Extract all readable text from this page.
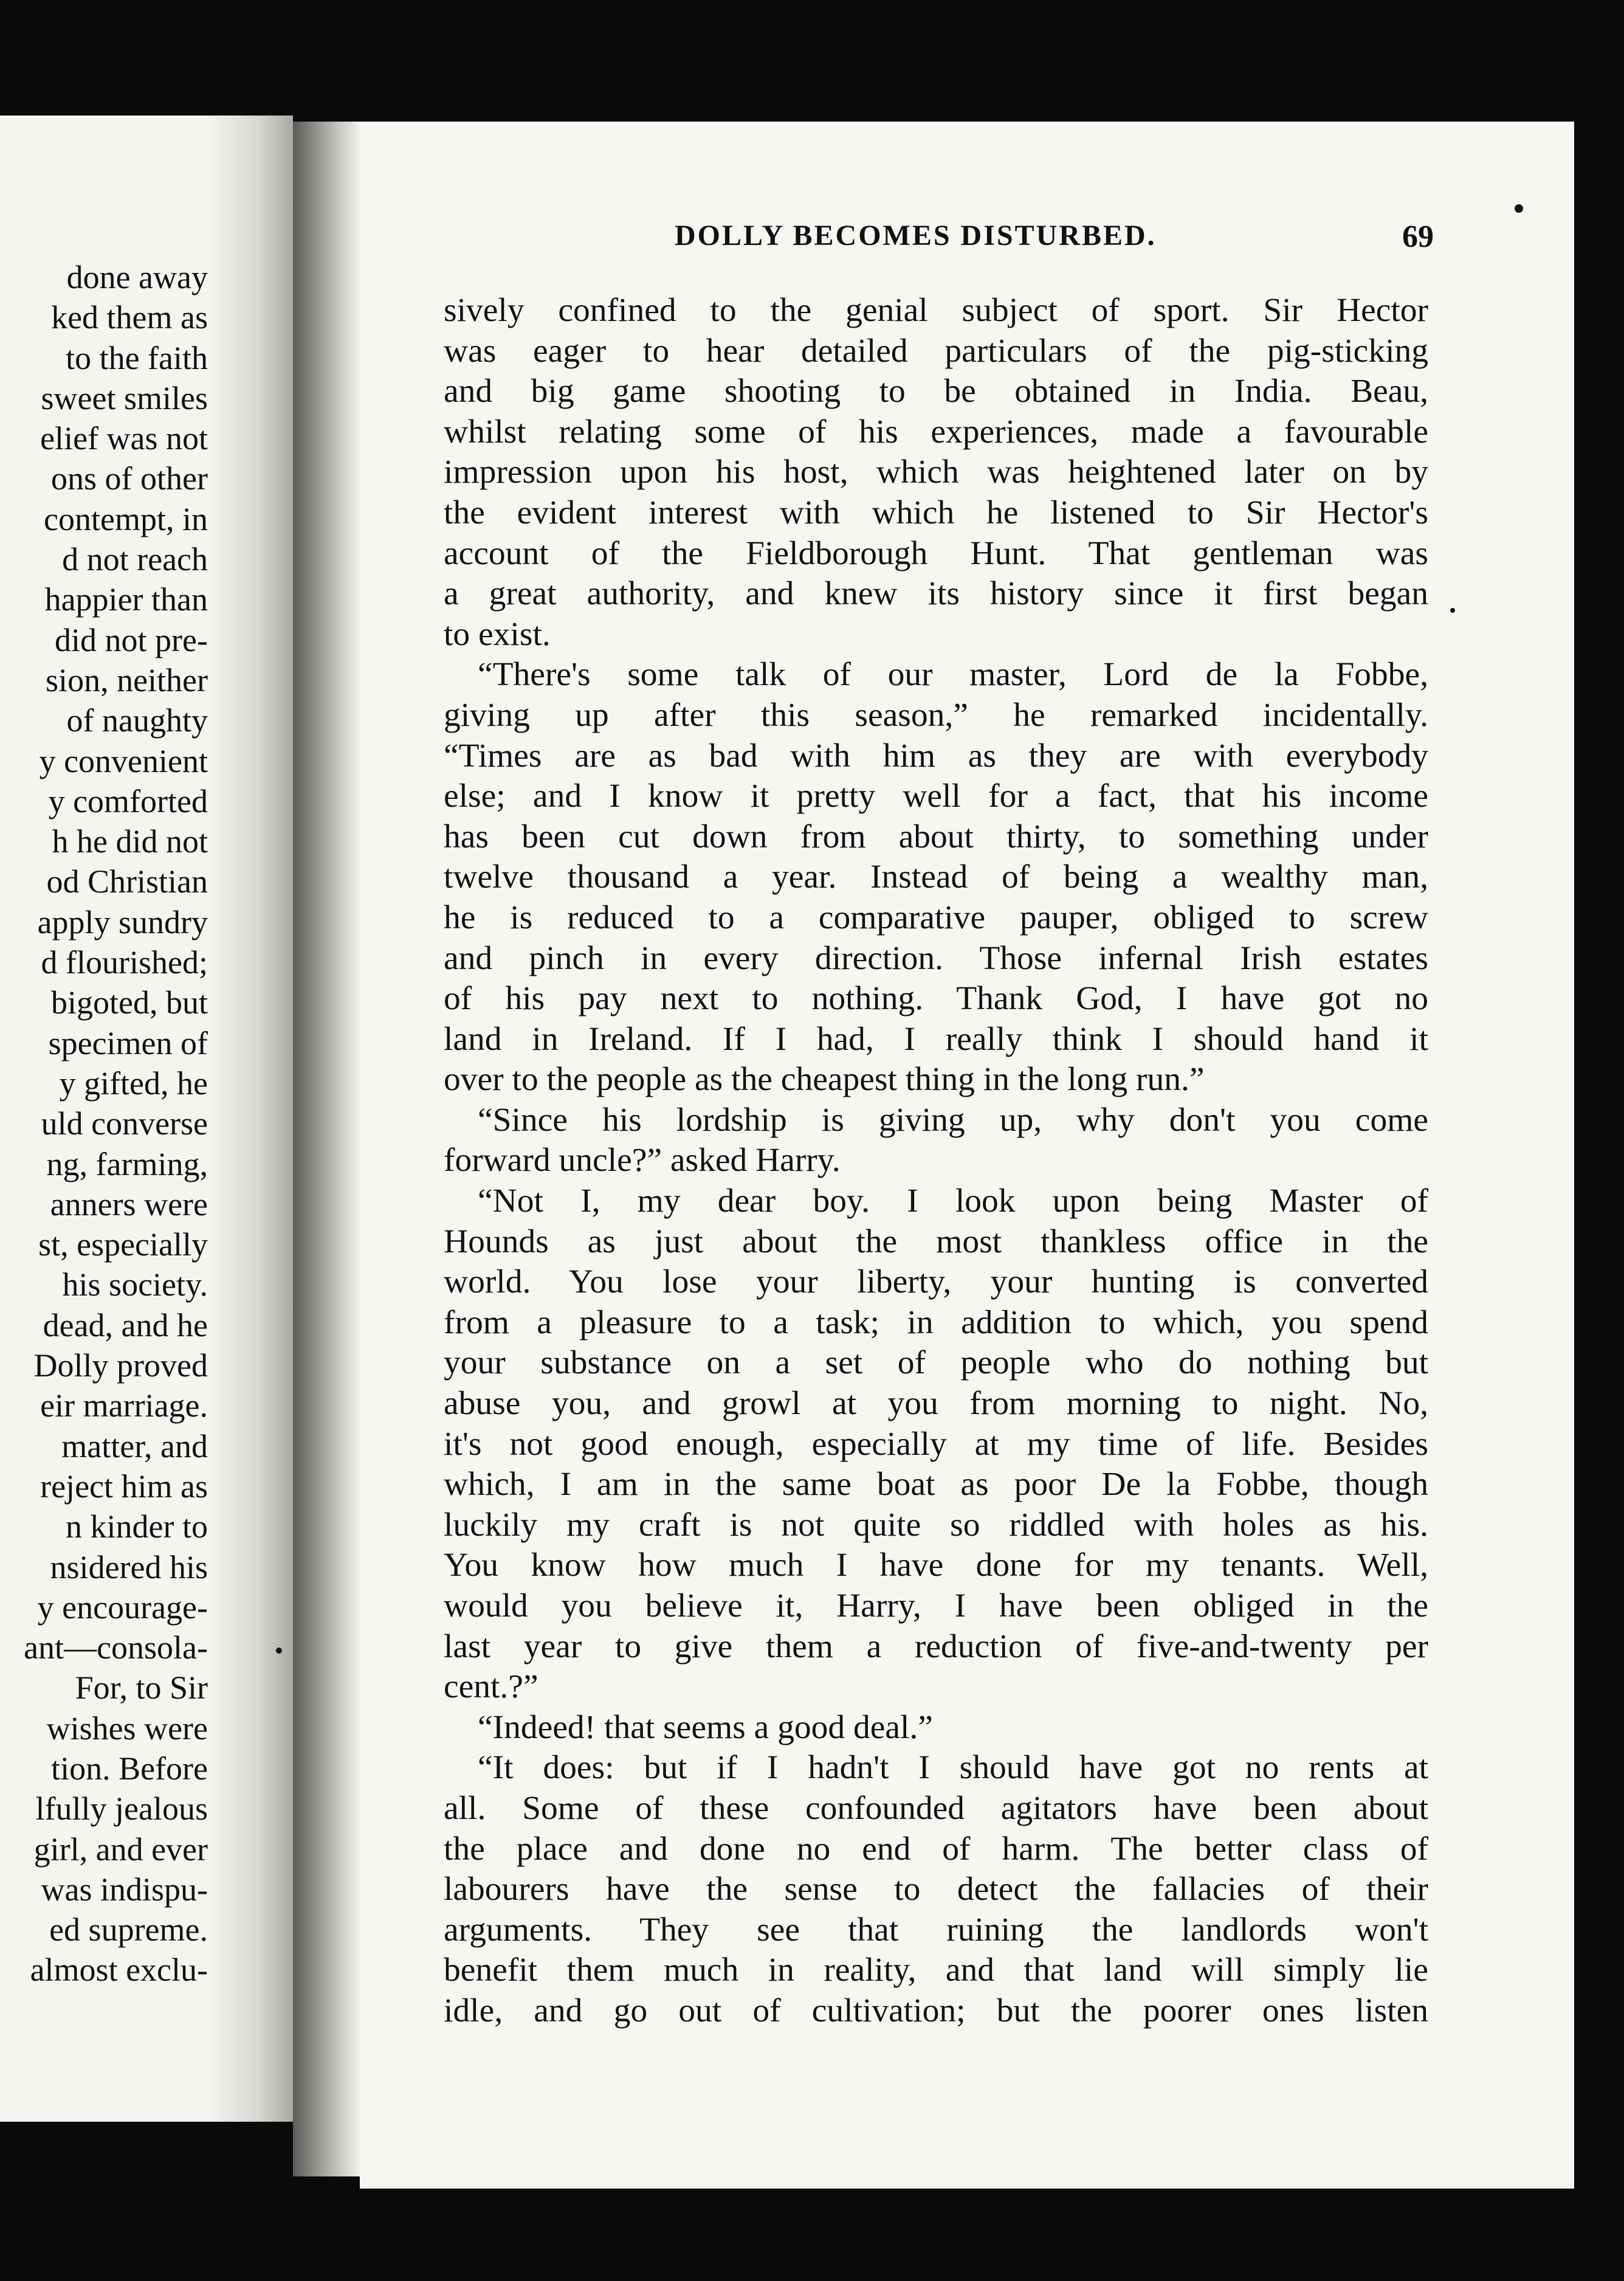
done away
ked them as
to the faith
sweet smiles
elief was not
ons of other
contempt, in
d not reach
happier than
did not pre-
sion, neither
of naughty
y convenient
y comforted
h he did not
od Christian
apply sundry
d flourished;
bigoted, but
specimen of
y gifted, he
uld converse
ng, farming,
anners were
st, especially
his society.
dead, and he
Dolly proved
eir marriage.
matter, and
reject him as
n kinder to
nsidered his
y encourage-
ant—consola-
For, to Sir
wishes were
tion. Before
lfully jealous
girl, and ever
was indispu-
ed supreme.
almost exclu-
DOLLY BECOMES DISTURBED.	69
sively confined to the genial subject of sport. Sir Hector
was eager to hear detailed particulars of the pig-sticking
and big game shooting to be obtained in India. Beau,
whilst relating some of his experiences, made a favourable
impression upon his host, which was heightened later on by
the evident interest with which he listened to Sir Hector's
account of the Fieldborough Hunt. That gentleman was
a great authority, and knew its history since it first began
to exist.
“There's some talk of our master, Lord de la Fobbe,
giving up after this season,” he remarked incidentally.
“Times are as bad with him as they are with everybody
else; and I know it pretty well for a fact, that his income
has been cut down from about thirty, to something under
twelve thousand a year. Instead of being a wealthy man,
he is reduced to a comparative pauper, obliged to screw
and pinch in every direction. Those infernal Irish estates
of his pay next to nothing. Thank God, I have got no
land in Ireland. If I had, I really think I should hand it
over to the people as the cheapest thing in the long run.”
“Since his lordship is giving up, why don't you come
forward uncle?” asked Harry.
“Not I, my dear boy. I look upon being Master of
Hounds as just about the most thankless office in the
world. You lose your liberty, your hunting is converted
from a pleasure to a task; in addition to which, you spend
your substance on a set of people who do nothing but
abuse you, and growl at you from morning to night. No,
it's not good enough, especially at my time of life. Besides
which, I am in the same boat as poor De la Fobbe, though
luckily my craft is not quite so riddled with holes as his.
You know how much I have done for my tenants. Well,
would you believe it, Harry, I have been obliged in the
last year to give them a reduction of five-and-twenty per
cent.?”
“Indeed! that seems a good deal.”
“It does: but if I hadn't I should have got no rents at
all. Some of these confounded agitators have been about
the place and done no end of harm. The better class of
labourers have the sense to detect the fallacies of their
arguments. They see that ruining the landlords won't
benefit them much in reality, and that land will simply lie
idle, and go out of cultivation; but the poorer ones listen
